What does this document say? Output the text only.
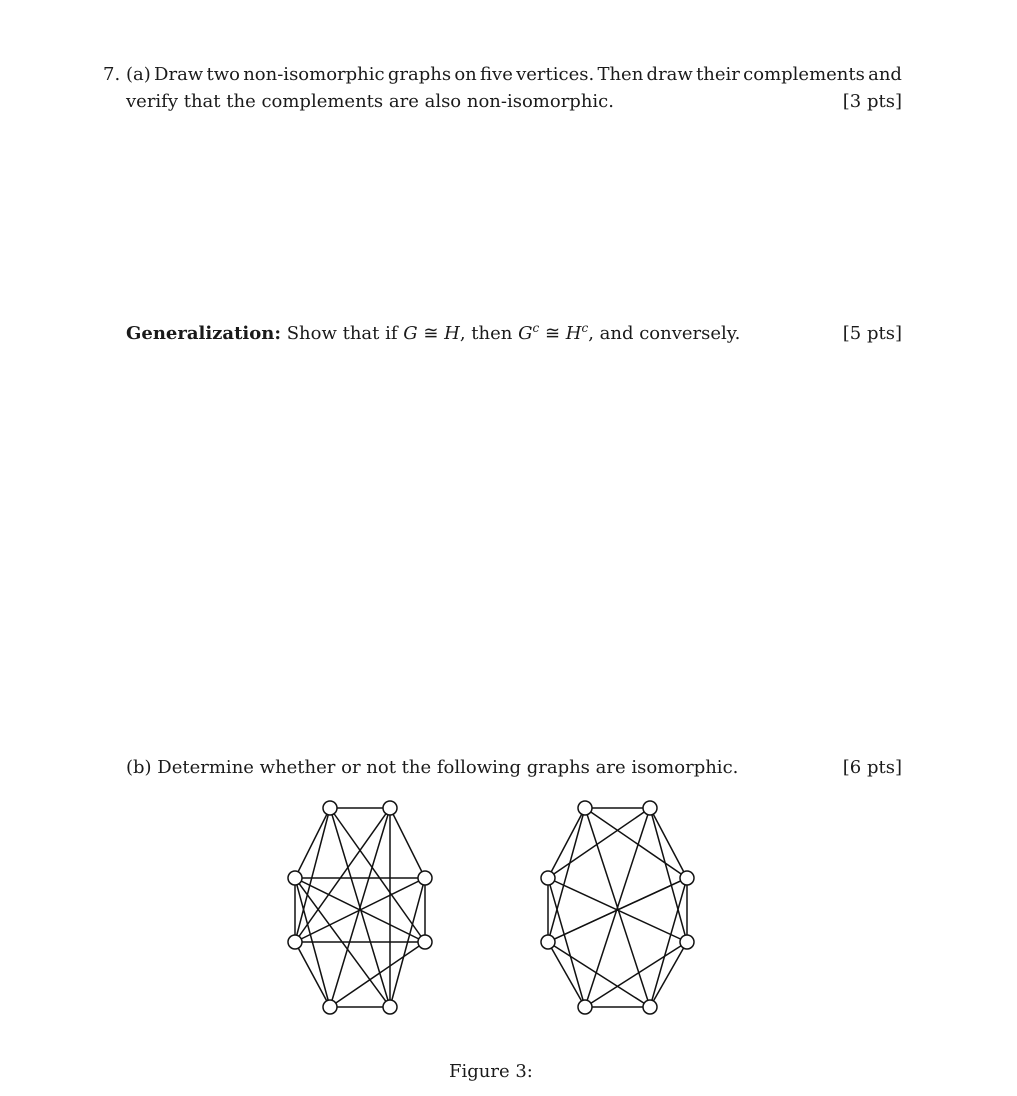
7. (a) Draw two non-isomorphic graphs on five vertices. Then draw their complements and
verify that the complements are also non-isomorphic.	[3 pts]
Generalization: Show that if G ≅ H, then $G^c$ ≅ $H^c$, and conversely.	[5 pts]
(b) Determine whether or not the following graphs are isomorphic.	[6 pts]
Figure 3:
